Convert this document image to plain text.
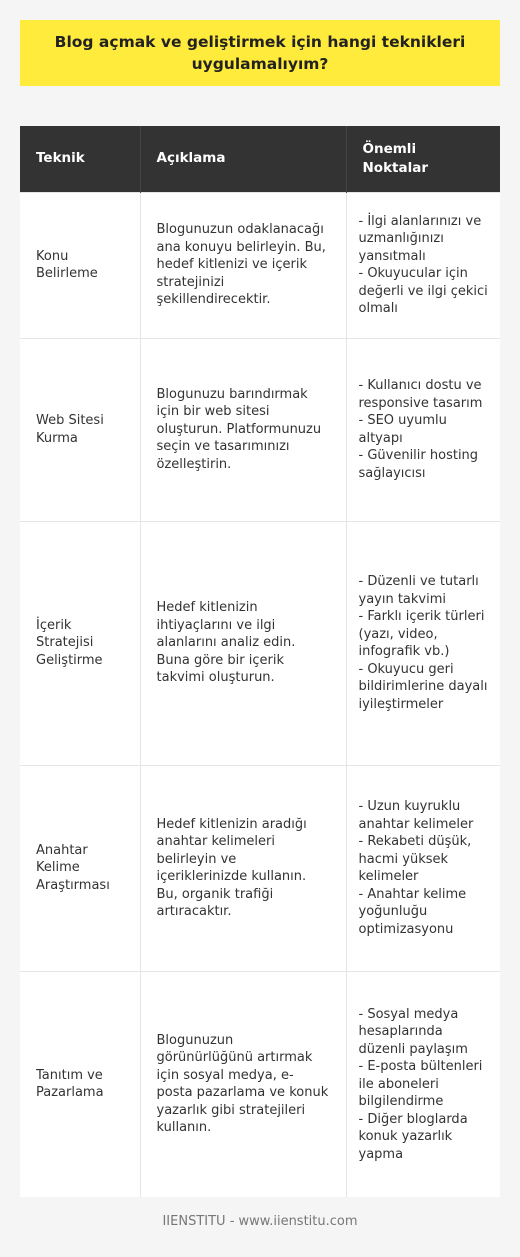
Blog açmak ve geliştirmek için hangi teknikleri uygulamalıyım?
Teknik	Açıklama	Önemli Noktalar
Konu Belirleme	Blogunuzun odaklanacağı ana konuyu belirleyin. Bu, hedef kitlenizi ve içerik stratejinizi şekillendirecektir.	- İlgi alanlarınızı ve uzmanlığınızı yansıtmalı
- Okuyucular için değerli ve ilgi çekici olmalı
Web Sitesi Kurma	Blogunuzu barındırmak için bir web sitesi oluşturun. Platformunuzu seçin ve tasarımınızı özelleştirin.	- Kullanıcı dostu ve responsive tasarım
- SEO uyumlu altyapı
- Güvenilir hosting sağlayıcısı
İçerik Stratejisi Geliştirme	Hedef kitlenizin ihtiyaçlarını ve ilgi alanlarını analiz edin. Buna göre bir içerik takvimi oluşturun.	- Düzenli ve tutarlı yayın takvimi
- Farklı içerik türleri (yazı, video, infografik vb.)
- Okuyucu geri bildirimlerine dayalı iyileştirmeler
Anahtar Kelime Araştırması	Hedef kitlenizin aradığı anahtar kelimeleri belirleyin ve içeriklerinizde kullanın. Bu, organik trafiği artıracaktır.	- Uzun kuyruklu anahtar kelimeler
- Rekabeti düşük, hacmi yüksek kelimeler
- Anahtar kelime yoğunluğu optimizasyonu
Tanıtım ve Pazarlama	Blogunuzun görünürlüğünü artırmak için sosyal medya, e-posta pazarlama ve konuk yazarlık gibi stratejileri kullanın.	- Sosyal medya hesaplarında düzenli paylaşım
- E-posta bültenleri ile aboneleri bilgilendirme
- Diğer bloglarda konuk yazarlık yapma
IIENSTITU - www.iienstitu.com
